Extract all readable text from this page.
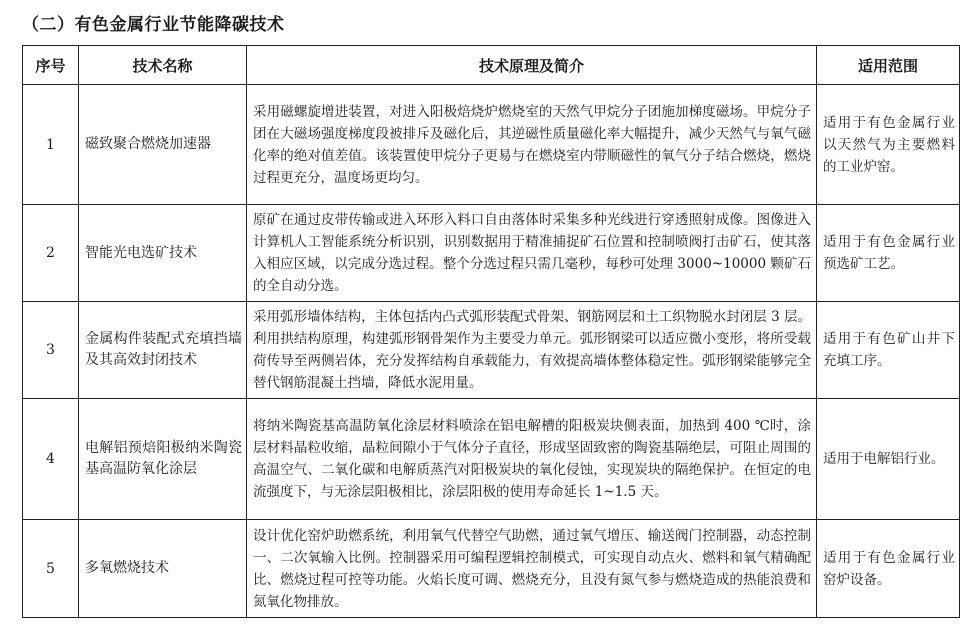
（二）有色金属行业节能降碳技术
序号	技术名称	技术原理及简介	适用范围
1	磁致聚合燃烧加速器	采用磁螺旋增进装置，对进入阳极焙烧炉燃烧室的天然气甲烷分子团施加梯度磁场。甲烷分子团在大磁场强度梯度段被排斥及磁化后，其逆磁性质量磁化率大幅提升，减少天然气与氧气磁化率的绝对值差值。该装置使甲烷分子更易与在燃烧室内带顺磁性的氧气分子结合燃烧，燃烧过程更充分，温度场更均匀。	适用于有色金属行业以天然气为主要燃料的工业炉窑。
2	智能光电选矿技术	原矿在通过皮带传输或进入环形入料口自由落体时采集多种光线进行穿透照射成像。图像进入计算机人工智能系统分析识别，识别数据用于精准捕捉矿石位置和控制喷阀打击矿石，使其落入相应区域，以完成分选过程。整个分选过程只需几毫秒，每秒可处理 3000~10000 颗矿石的全自动分选。	适用于有色金属行业预选矿工艺。
3	金属构件装配式充填挡墙及其高效封闭技术	采用弧形墙体结构，主体包括内凸式弧形装配式骨架、钢筋网层和土工织物脱水封闭层 3 层。利用拱结构原理，构建弧形钢骨架作为主要受力单元。弧形钢梁可以适应微小变形，将所受载荷传导至两侧岩体，充分发挥结构自承载能力，有效提高墙体整体稳定性。弧形钢梁能够完全替代钢筋混凝土挡墙，降低水泥用量。	适用于有色矿山井下充填工序。
4	电解铝预焙阳极纳米陶瓷基高温防氧化涂层	将纳米陶瓷基高温防氧化涂层材料喷涂在铝电解槽的阳极炭块侧表面，加热到 400 ℃时，涂层材料晶粒收缩，晶粒间隙小于气体分子直径，形成坚固致密的陶瓷基隔绝层，可阻止周围的高温空气、二氧化碳和电解质蒸汽对阳极炭块的氧化侵蚀，实现炭块的隔绝保护。在恒定的电流强度下，与无涂层阳极相比，涂层阳极的使用寿命延长 1~1.5 天。	适用于电解铝行业。
5	多氧燃烧技术	设计优化窑炉助燃系统，利用氧气代替空气助燃，通过氧气增压、输送阀门控制器，动态控制一、二次氧输入比例。控制器采用可编程逻辑控制模式，可实现自动点火、燃料和氧气精确配比、燃烧过程可控等功能。火焰长度可调、燃烧充分，且没有氮气参与燃烧造成的热能浪费和氮氧化物排放。	适用于有色金属行业窑炉设备。
